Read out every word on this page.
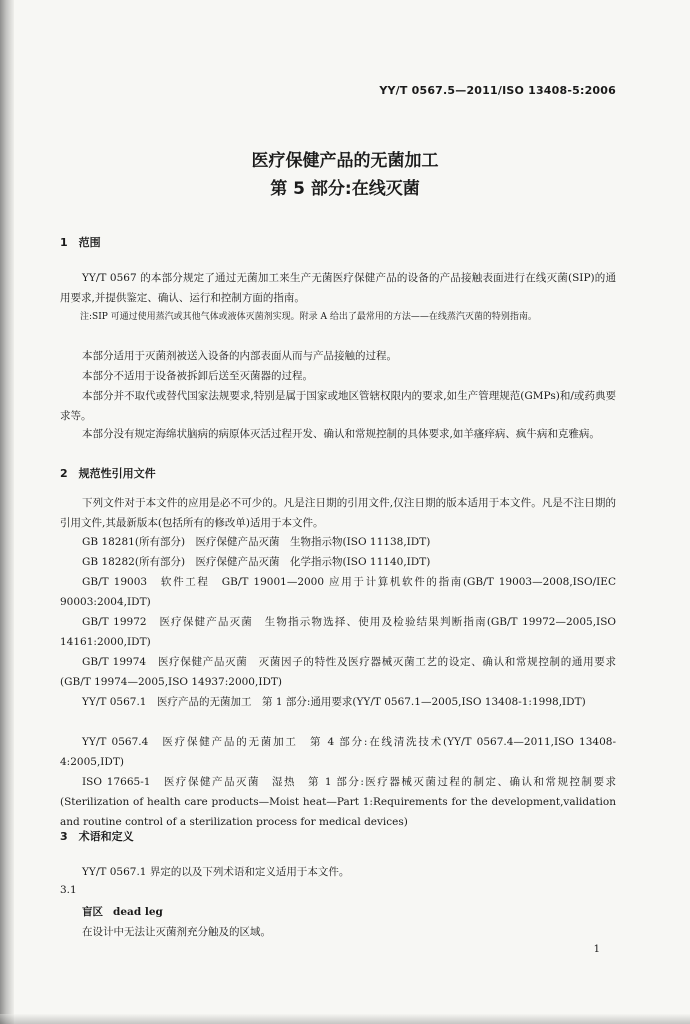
YY/T 0567.5—2011/ISO 13408-5:2006
医疗保健产品的无菌加工
第 5 部分:在线灭菌
1　范围
YY/T 0567 的本部分规定了通过无菌加工来生产无菌医疗保健产品的设备的产品接触表面进行在线灭菌(SIP)的通用要求,并提供鉴定、确认、运行和控制方面的指南。
注:SIP 可通过使用蒸汽或其他气体或液体灭菌剂实现。附录 A 给出了最常用的方法——在线蒸汽灭菌的特别指南。
本部分适用于灭菌剂被送入设备的内部表面从而与产品接触的过程。
本部分不适用于设备被拆卸后送至灭菌器的过程。
本部分并不取代或替代国家法规要求,特别是属于国家或地区管辖权限内的要求,如生产管理规范(GMPs)和/或药典要求等。
本部分没有规定海绵状脑病的病原体灭活过程开发、确认和常规控制的具体要求,如羊瘙痒病、疯牛病和克雅病。
2　规范性引用文件
下列文件对于本文件的应用是必不可少的。凡是注日期的引用文件,仅注日期的版本适用于本文件。凡是不注日期的引用文件,其最新版本(包括所有的修改单)适用于本文件。
GB 18281(所有部分)　医疗保健产品灭菌　生物指示物(ISO 11138,IDT)
GB 18282(所有部分)　医疗保健产品灭菌　化学指示物(ISO 11140,IDT)
GB/T 19003　软件工程　GB/T 19001—2000 应用于计算机软件的指南(GB/T 19003—2008,ISO/IEC 90003:2004,IDT)
GB/T 19972　医疗保健产品灭菌　生物指示物选择、使用及检验结果判断指南(GB/T 19972—2005,ISO 14161:2000,IDT)
GB/T 19974　医疗保健产品灭菌　灭菌因子的特性及医疗器械灭菌工艺的设定、确认和常规控制的通用要求(GB/T 19974—2005,ISO 14937:2000,IDT)
YY/T 0567.1　医疗产品的无菌加工　第 1 部分:通用要求(YY/T 0567.1—2005,ISO 13408-1:1998,IDT)
YY/T 0567.4　医疗保健产品的无菌加工　第 4 部分:在线清洗技术(YY/T 0567.4—2011,ISO 13408-4:2005,IDT)
ISO 17665-1　医疗保健产品灭菌　湿热　第 1 部分:医疗器械灭菌过程的制定、确认和常规控制要求(Sterilization of health care products—Moist heat—Part 1:Requirements for the development,validation and routine control of a sterilization process for medical devices)
3　术语和定义
YY/T 0567.1 界定的以及下列术语和定义适用于本文件。
3.1
盲区 dead leg
在设计中无法让灭菌剂充分触及的区域。
1
